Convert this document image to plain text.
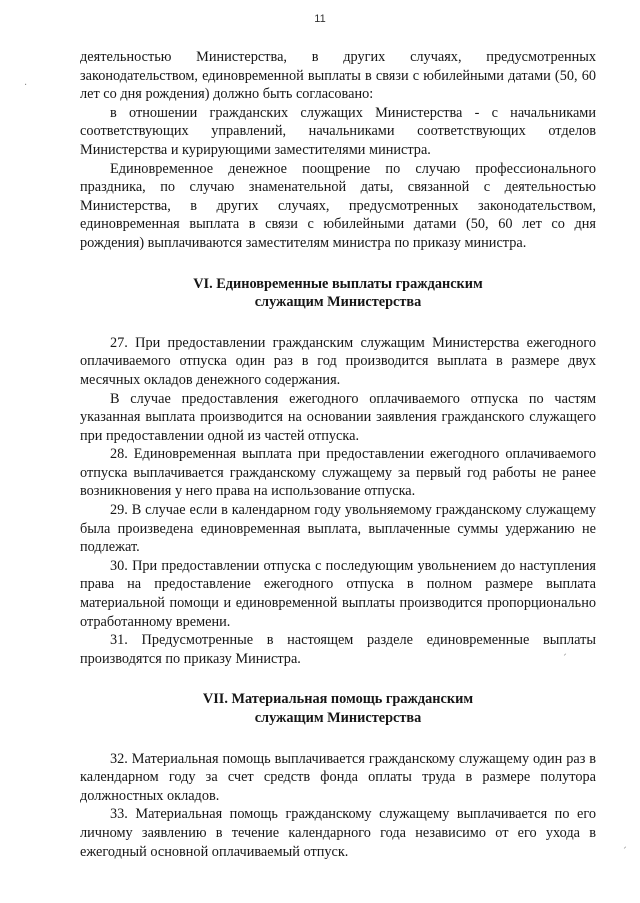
11

деятельностью Министерства, в других случаях, предусмотренных законодательством, единовременной выплаты в связи с юбилейными датами (50, 60 лет со дня рождения) должно быть согласовано:

в отношении гражданских служащих Министерства - с начальниками соответствующих управлений, начальниками соответствующих отделов Министерства и курирующими заместителями министра.

Единовременное денежное поощрение по случаю профессионального праздника, по случаю знаменательной даты, связанной с деятельностью Министерства, в других случаях, предусмотренных законодательством, единовременная выплата в связи с юбилейными датами (50, 60 лет со дня рождения) выплачиваются заместителям министра по приказу министра.

VI. Единовременные выплаты гражданским
служащим Министерства

27. При предоставлении гражданским служащим Министерства ежегодного оплачиваемого отпуска один раз в год производится выплата в размере двух месячных окладов денежного содержания.

В случае предоставления ежегодного оплачиваемого отпуска по частям указанная выплата производится на основании заявления гражданского служащего при предоставлении одной из частей отпуска.

28. Единовременная выплата при предоставлении ежегодного оплачиваемого отпуска выплачивается гражданскому служащему за первый год работы не ранее возникновения у него права на использование отпуска.

29. В случае если в календарном году увольняемому гражданскому служащему была произведена единовременная выплата, выплаченные суммы удержанию не подлежат.

30. При предоставлении отпуска с последующим увольнением до наступления права на предоставление ежегодного отпуска в полном размере выплата материальной помощи и единовременной выплаты производится пропорционально отработанному времени.

31. Предусмотренные в настоящем разделе единовременные выплаты производятся по приказу Министра.

VII. Материальная помощь гражданским
служащим Министерства

32. Материальная помощь выплачивается гражданскому служащему один раз в календарном году за счет средств фонда оплаты труда в размере полутора должностных окладов.

33. Материальная помощь гражданскому служащему выплачивается по его личному заявлению в течение календарного года независимо от его ухода в ежегодный основной оплачиваемый отпуск.

·
ˏ
ˏ
